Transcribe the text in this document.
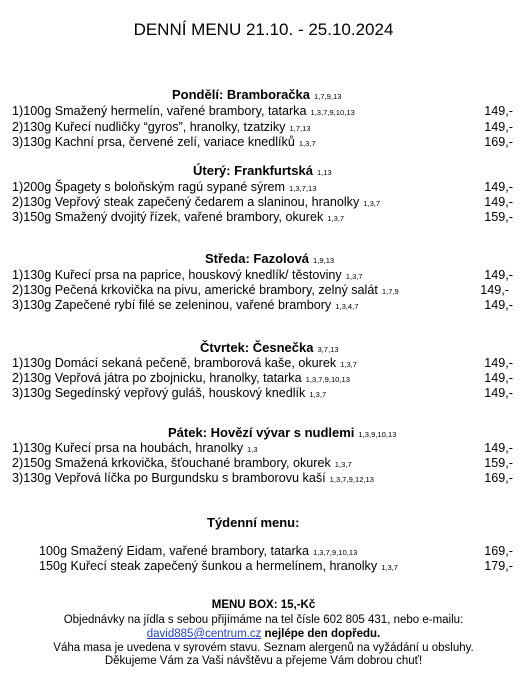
DENNÍ MENU 21.10. - 25.10.2024
Pondělí: Bramboračka 1,7,9,13
1)100g Smažený hermelín, vařené brambory, tatarka 1,3,7,9,10,13	149,-
2)130g Kuřecí nudličky “gyros”, hranolky, tzatziky 1,7,13	149,-
3)130g Kachní prsa, červené zelí, variace knedlíků 1,3,7	169,-
Úterý: Frankfurtská 1,13
1)200g Špagety s boloňským ragú sypané sýrem 1,3,7,13	149,-
2)130g Vepřový steak zapečený čedarem a slaninou, hranolky 1,3,7	149,-
3)150g Smažený dvojitý řízek, vařené brambory, okurek 1,3,7	159,-
Středa: Fazolová 1,9,13
1)130g Kuřecí prsa na paprice, houskový knedlík/ těstoviny 1,3,7	149,-
2)130g Pečená krkovička na pivu, americké brambory, zelný salát 1,7,9	149,-
3)130g Zapečené rybí filé se zeleninou, vařené brambory 1,3,4,7	149,-
Čtvrtek: Česnečka 3,7,13
1)130g Domácí sekaná pečeně, bramborová kaše, okurek 1,3,7	149,-
2)130g Vepřová játra po zbojnicku, hranolky, tatarka 1,3,7,9,10,13	149,-
3)130g Segedínský vepřový guláš, houskový knedlík 1,3,7	149,-
Pátek: Hovězí vývar s nudlemi 1,3,9,10,13
1)130g Kuřecí prsa na houbách, hranolky 1,3	149,-
2)150g Smažená krkovička, šťouchané brambory, okurek 1,3,7	159,-
3)130g Vepřová líčka po Burgundsku s bramborovu kaší 1,3,7,9,12,13	169,-
Týdenní menu:
100g Smažený Eidam, vařené brambory, tatarka 1,3,7,9,10,13	169,-
150g Kuřecí steak zapečený šunkou a hermelínem, hranolky 1,3,7	179,-
MENU BOX: 15,-Kč
Objednávky na jídla s sebou přijímáme na tel čísle 602 805 431, nebo e-mailu:
david885@centrum.cz nejlépe den dopředu.
Váha masa je uvedena v syrovém stavu. Seznam alergenů na vyžádání u obsluhy.
Děkujeme Vám za Vaši návštěvu a přejeme Vám dobrou chuť!
